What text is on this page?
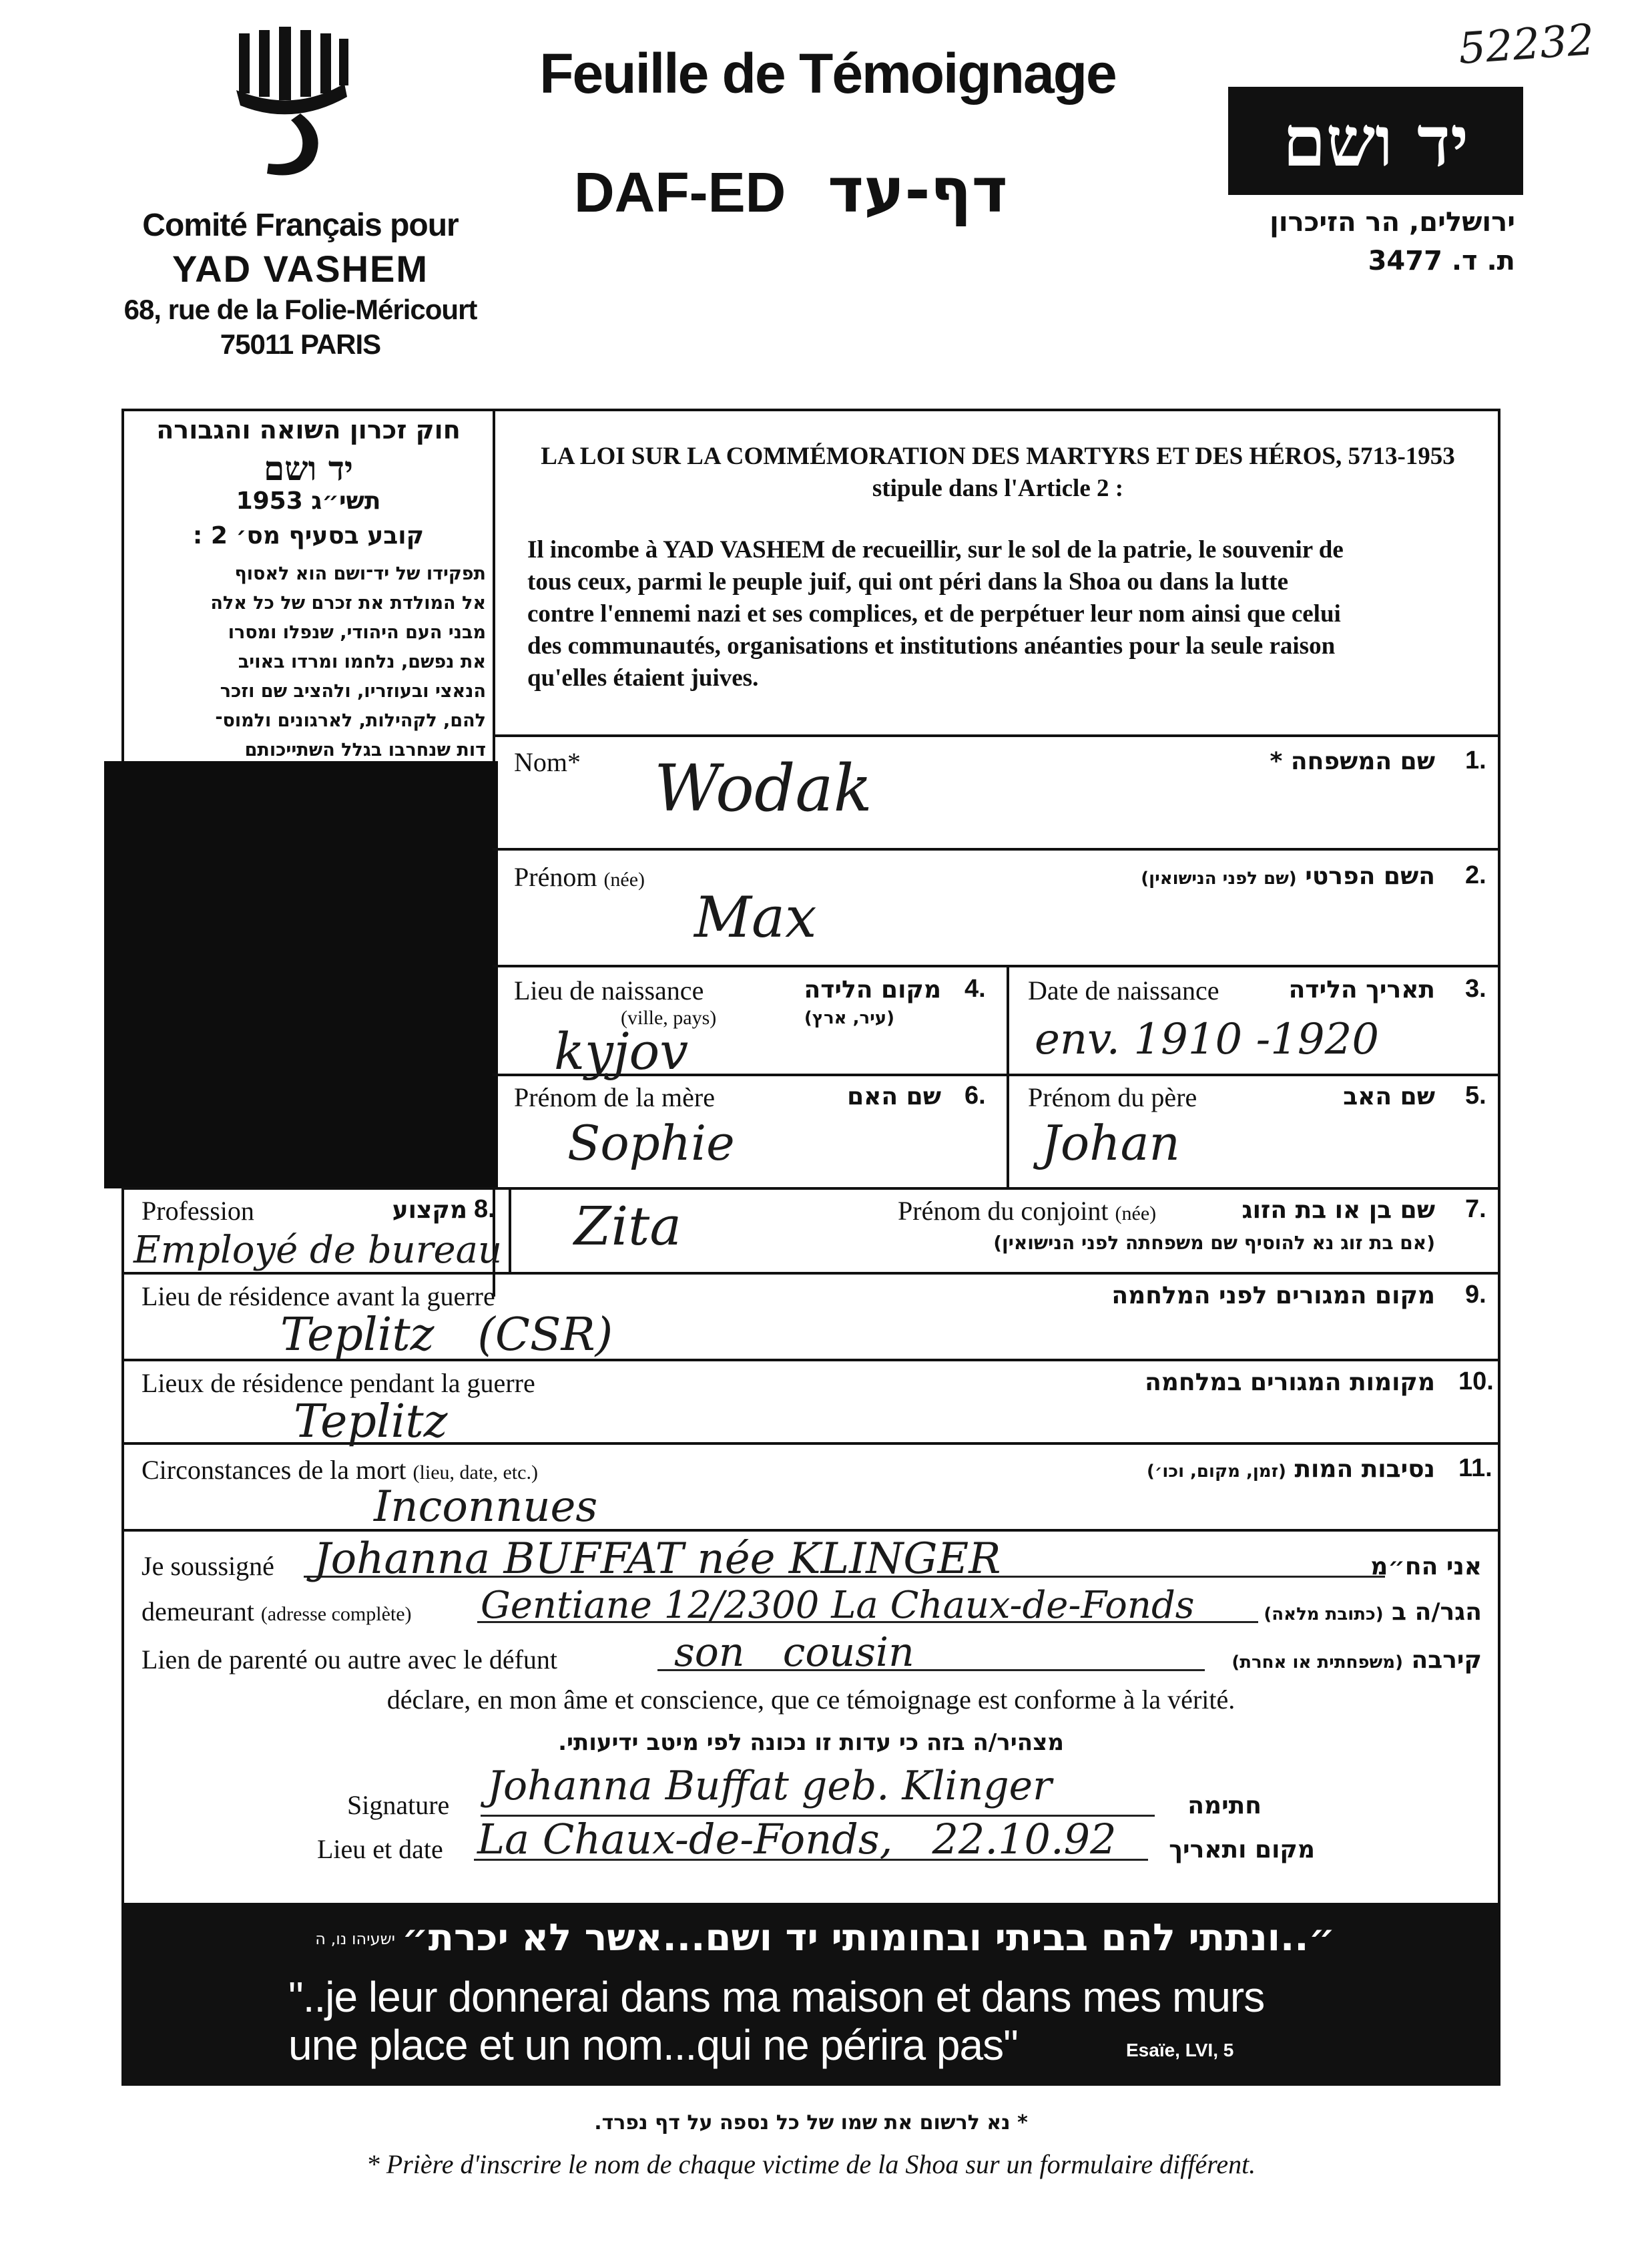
52232
Comité Français pour
YAD VASHEM
68, rue de la Folie-Méricourt
75011 PARIS
Feuille de Témoignage
DAF-ED דף-עד
יד ושם
ירושלים, הר הזיכרון
ת. ד. 3477
חוק זכרון השואה והגבורה
יד ושם
תשי״ג 1953
קובע בסעיף מס׳ 2 :
תפקידו של יד־ושם הוא לאסוף
אל המולדת את זכרם של כל אלה
מבני העם היהודי, שנפלו ומסרו
את נפשם, נלחמו ומרדו באויב
הנאצי ובעוזריו, ולהציב שם וזכר
להם, לקהילות, לארגונים ולמוס־
דות שנחרבו בגלל השתייכותם
LA LOI SUR LA COMMÉMORATION DES MARTYRS ET DES HÉROS, 5713-1953
stipule dans l'Article 2 :
Il incombe à YAD VASHEM de recueillir, sur le sol de la patrie, le souvenir de
tous ceux, parmi le peuple juif, qui ont péri dans la Shoa ou dans la lutte
contre l'ennemi nazi et ses complices, et de perpétuer leur nom ainsi que celui
des communautés, organisations et institutions anéanties pour la seule raison
qu'elles étaient juives.
Nom*	שם המשפחה * 1.
Wodak
Prénom (née)	השם הפרטי (שם לפני הנישואין)	2.
Max
Lieu de naissance
(ville, pays)
מקום הלידה
(עיר, ארץ)
4.
kyjov
Date de naissance	תאריך הלידה 3.
env. 1910 -1920
Prénom de la mère	שם האם 6.
Sophie
Prénom du père	שם האב 5.
Johan
Profession	מקצוע 8.
Employé de bureau
Prénom du conjoint (née)	שם בן או בת הזוג
(אם בת זוג נא להוסיף שם משפחתה לפני הנישואין)
7.
Zita
Lieu de résidence avant la guerre	מקום המגורים לפני המלחמה 9.
Teplitz   (CSR)
Lieux de résidence pendant la guerre	מקומות המגורים במלחמה 10.
Teplitz
Circonstances de la mort (lieu, date, etc.)	נסיבות המות (זמן, מקום, וכו׳)	11.
Inconnues
Je soussigné Johanna BUFFAT née KLINGER	אני הח״מ
demeurant (adresse complète) Gentiane 12/2300 La Chaux-de-Fonds	הגר/ה ב (כתובת מלאה)
Lien de parenté ou autre avec le défunt	son   cousin	קירבה (משפחתית או אחרת)
déclare, en mon âme et conscience, que ce témoignage est conforme à la vérité.
מצהיר/ה בזה כי עדות זו נכונה לפי מיטב ידיעותי.
Signature Johanna Buffat geb. Klinger	חתימה
Lieu et date La Chaux-de-Fonds,   22.10.92	מקום ותאריך
״..ונתתי להם בביתי ובחומותי יד ושם...אשר לא יכרת״
ישעיהו נו, ה
"..je leur donnerai dans ma maison et dans mes murs
une place et un nom...qui ne périra pas"	Esaïe, LVI, 5
* נא לרשום את שמו של כל נספה על דף נפרד.
* Prière d'inscrire le nom de chaque victime de la Shoa sur un formulaire différent.
